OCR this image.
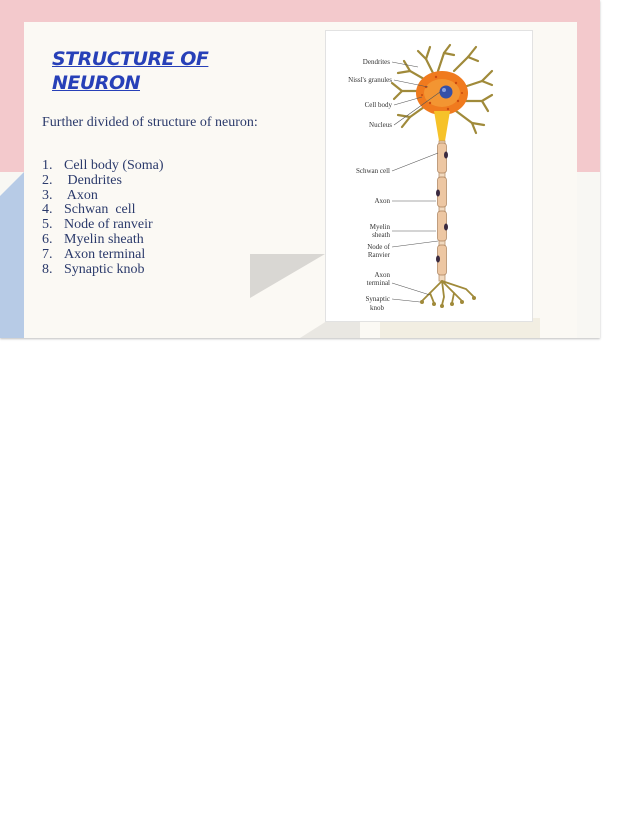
STRUCTURE OF
NEURON
Further divided of structure of neuron:
1. Cell body (Soma)
2. Dendrites
3. Axon
4. Schwan  cell
5. Node of ranveir
6. Myelin sheath
7. Axon terminal
8. Synaptic knob
Dendrites
Nissl's granules
Cell body
Nucleus
Schwan cell
Axon
Myelin
sheath
Node of
Ranvier
Axon
terminal
Synaptic
knob
